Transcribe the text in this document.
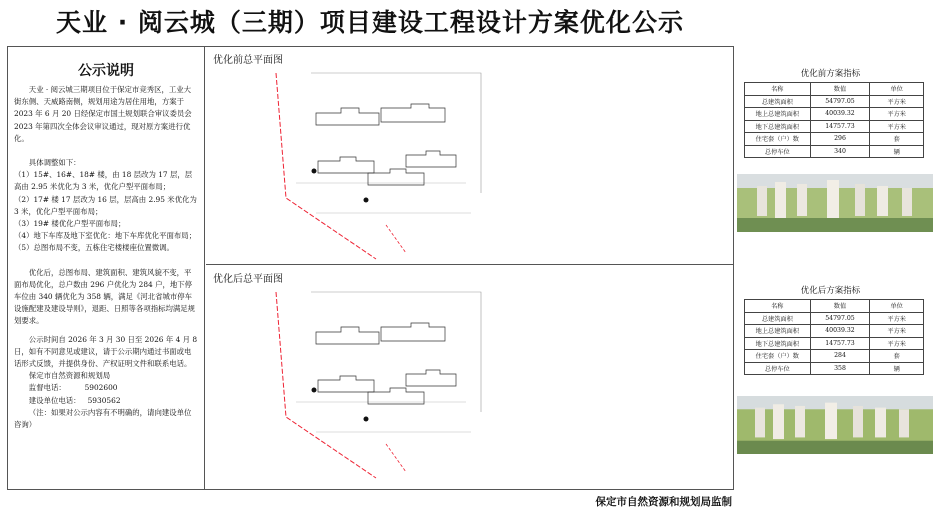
天业 · 阅云城（三期）项目建设工程设计方案优化公示
公示说明

天业 · 阅云城三期项目位于保定市竞秀区，工业大街东侧、天威路南侧，规划用途为居住用地，方案于 2023 年 6 月 20 日经保定市国土规划联合审议委员会 2023 年第四次全体会议审议通过，现对原方案进行优化。

具体调整如下：

（1）15#、16#、18# 楼，由 18 层改为 17 层，层高由 2.95 米优化为 3 米，优化户型平面布局；

（2）17# 楼 17 层改为 16 层，层高由 2.95 米优化为 3 米，优化户型平面布局；

（3）19# 楼优化户型平面布局；

（4）地下车库及地下室优化：地下车库优化平面布局；

（5）总图布局不变，五栋住宅楼楼座位置微调。

优化后，总图布局、建筑面积、建筑风貌不变，平面布局优化，总户数由 296 户优化为 284 户，地下停车位由 340 辆优化为 358 辆，满足《河北省城市停车设施配建及建设导则》，退距、日照等各项指标均满足规划要求。

公示时间自 2026 年 3 月 30 日至 2026 年 4 月 8 日，如有不同意见或建议，请于公示期内通过书面或电话形式反馈，并提供身份、产权证明文件和联系电话。

保定市自然资源和规划局

监督电话：	5902600

建设单位电话： 5930562

（注：如果对公示内容有不明确的，请向建设单位咨询）

优化前总平面图
优化前方案指标
名称	数值	单位
总建筑面积	54797.05	平方米
地上总建筑面积	40039.32	平方米
地下总建筑面积	14757.73	平方米
住宅套（户）数	296	套
总停车位	340	辆
优化后总平面图
优化后方案指标
名称	数值	单位
总建筑面积	54797.05	平方米
地上总建筑面积	40039.32	平方米
地下总建筑面积	14757.73	平方米
住宅套（户）数	284	套
总停车位	358	辆
保定市自然资源和规划局监制
